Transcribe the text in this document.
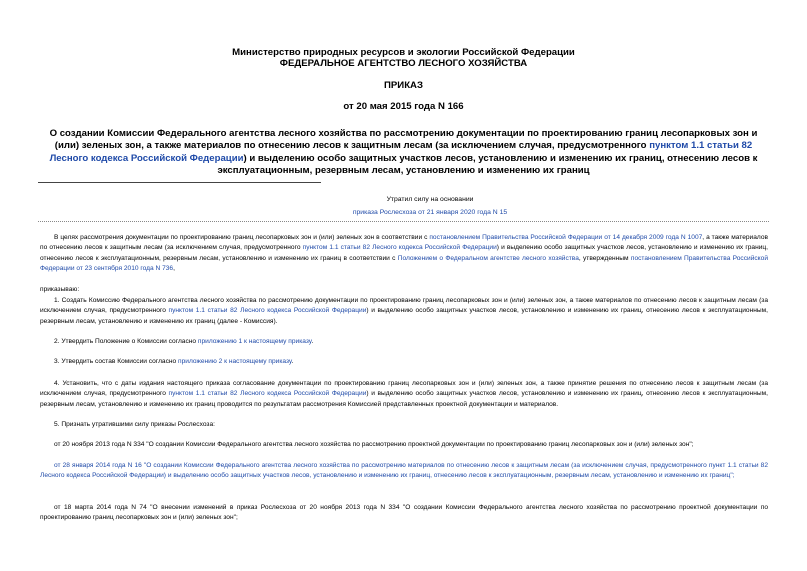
Министерство природных ресурсов и экологии Российской Федерации
ФЕДЕРАЛЬНОЕ АГЕНТСТВО ЛЕСНОГО ХОЗЯЙСТВА
ПРИКАЗ
от 20 мая 2015 года N 166
О создании Комиссии Федерального агентства лесного хозяйства по рассмотрению документации по проектированию границ лесопарковых зон и (или) зеленых зон, а также материалов по отнесению лесов к защитным лесам (за исключением случая, предусмотренного пунктом 1.1 статьи 82 Лесного кодекса Российской Федерации) и выделению особо защитных участков лесов, установлению и изменению их границ, отнесению лесов к эксплуатационным, резервным лесам, установлению и изменению их границ
Утратил силу на основании
приказа Рослесхоза от 21 января 2020 года N 15

В целях рассмотрения документации по проектированию границ лесопарковых зон и (или) зеленых зон в соответствии с постановлением Правительства Российской Федерации от 14 декабря 2009 года N 1007, а также материалов по отнесению лесов к защитным лесам (за исключением случая, предусмотренного пунктом 1.1 статьи 82 Лесного кодекса Российской Федерации) и выделению особо защитных участков лесов, установлению и изменению их границ, отнесению лесов к эксплуатационным, резервным лесам, установлению и изменению их границ в соответствии с Положением о Федеральном агентстве лесного хозяйства, утвержденным постановлением Правительства Российской Федерации от 23 сентября 2010 года N 736,

приказываю:

1. Создать Комиссию Федерального агентства лесного хозяйства по рассмотрению документации по проектированию границ лесопарковых зон и (или) зеленых зон, а также материалов по отнесению лесов к защитным лесам (за исключением случая, предусмотренного пунктом 1.1 статьи 82 Лесного кодекса Российской Федерации) и выделению особо защитных участков лесов, установлению и изменению их границ, отнесению лесов к эксплуатационным, резервным лесам, установлению и изменению их границ (далее - Комиссия).

2. Утвердить Положение о Комиссии согласно приложению 1 к настоящему приказу.

3. Утвердить состав Комиссии согласно приложению 2 к настоящему приказу.

4. Установить, что с даты издания настоящего приказа согласование документации по проектированию границ лесопарковых зон и (или) зеленых зон, а также принятие решения по отнесению лесов к защитным лесам (за исключением случая, предусмотренного пунктом 1.1 статьи 82 Лесного кодекса Российской Федерации) и выделению особо защитных участков лесов, установлению и изменению их границ, отнесению лесов к эксплуатационным, резервным лесам, установлению и изменению их границ проводится по результатам рассмотрения Комиссией представленных проектной документации и материалов.

5. Признать утратившими силу приказы Рослесхоза:

от 20 ноября 2013 года N 334 "О создании Комиссии Федерального агентства лесного хозяйства по рассмотрению проектной документации по проектированию границ лесопарковых зон и (или) зеленых зон";

от 28 января 2014 года N 16 "О создании Комиссии Федерального агентства лесного хозяйства по рассмотрению материалов по отнесению лесов к защитным лесам (за исключением случая, предусмотренного пункт 1.1 статьи 82 Лесного кодекса Российской Федерации) и выделению особо защитных участков лесов, установлению и изменению их границ, отнесению лесов к эксплуатационным, резервным лесам, установлению и изменению их границ";

от 18 марта 2014 года N 74 "О внесении изменений в приказ Рослесхоза от 20 ноября 2013 года N 334 "О создании Комиссии Федерального агентства лесного хозяйства по рассмотрению проектной документации по проектированию границ лесопарковых зон и (или) зеленых зон";
